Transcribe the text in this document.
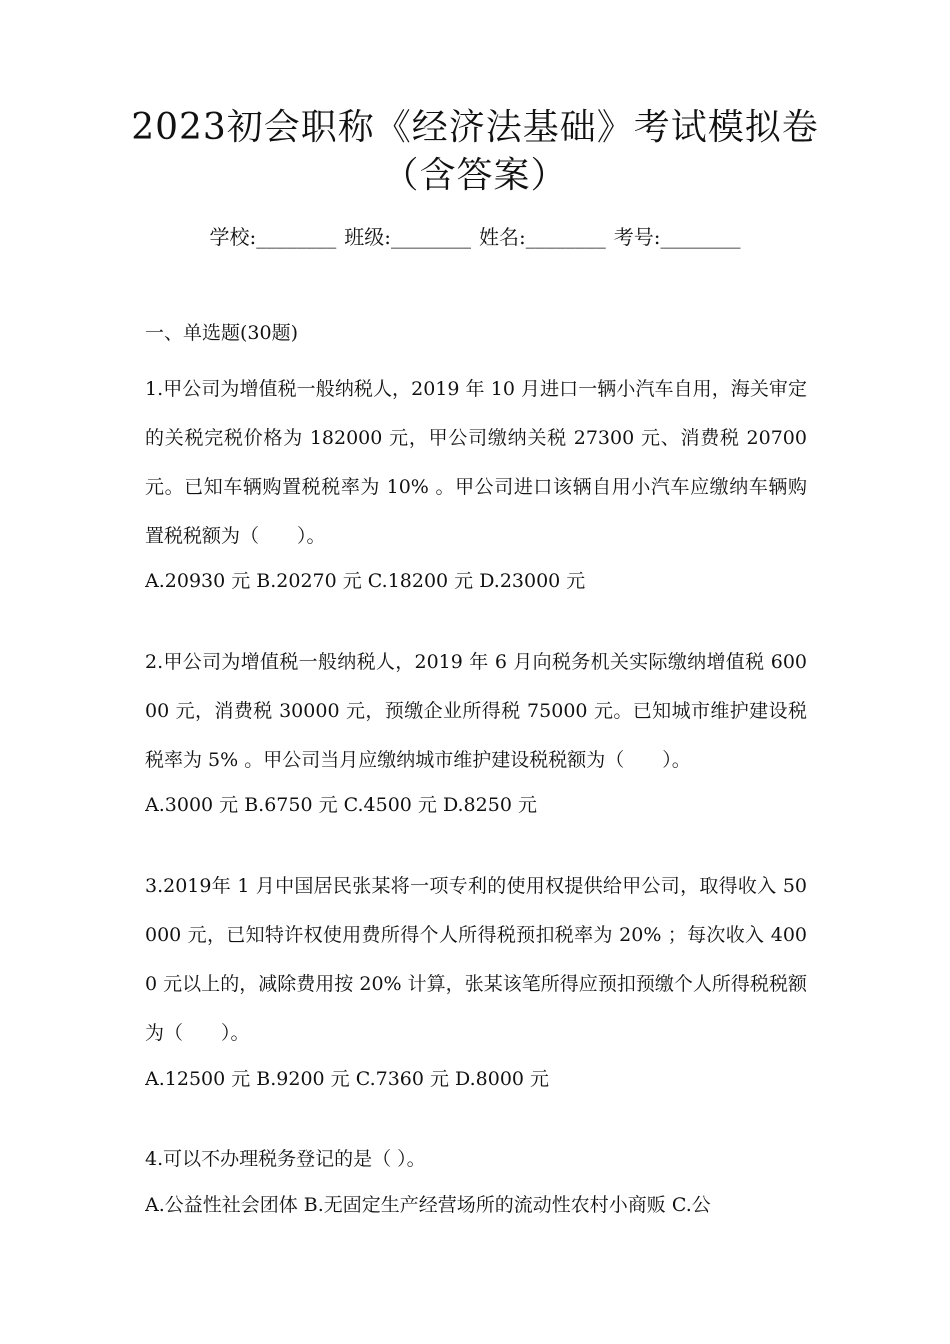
2023初会职称《经济法基础》考试模拟卷
（含答案）
学校:________ 班级:________ 姓名:________ 考号:________
一、单选题(30题)
1.甲公司为增值税一般纳税人，2019 年 10 月进口一辆小汽车自用，海关审定的关税完税价格为 182000 元，甲公司缴纳关税 27300 元、消费税 20700 元。已知车辆购置税税率为 10% 。甲公司进口该辆自用小汽车应缴纳车辆购置税税额为（　　）。
A.20930 元 B.20270 元 C.18200 元 D.23000 元
2.甲公司为增值税一般纳税人，2019 年 6 月向税务机关实际缴纳增值税 60000 元，消费税 30000 元，预缴企业所得税 75000 元。已知城市维护建设税税率为 5% 。甲公司当月应缴纳城市维护建设税税额为（　　）。
A.3000 元 B.6750 元 C.4500 元 D.8250 元
3.2019年 1 月中国居民张某将一项专利的使用权提供给甲公司，取得收入 50000 元，已知特许权使用费所得个人所得税预扣税率为 20% ；每次收入 4000 元以上的，减除费用按 20% 计算，张某该笔所得应预扣预缴个人所得税税额为（　　）。
A.12500 元 B.9200 元 C.7360 元 D.8000 元
4.可以不办理税务登记的是（ ）。
A.公益性社会团体 B.无固定生产经营场所的流动性农村小商贩 C.公
